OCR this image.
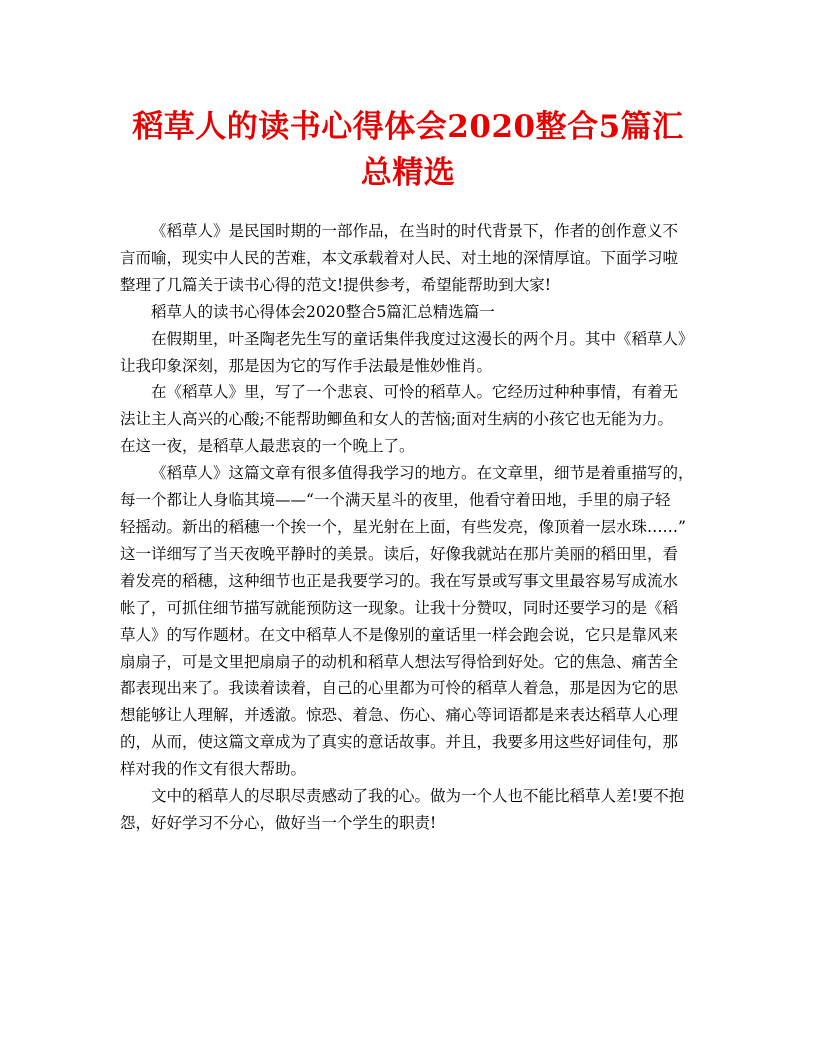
稻草人的读书心得体会2020整合5篇汇
总精选

《稻草人》是民国时期的一部作品，在当时的时代背景下，作者的创作意义不
言而喻，现实中人民的苦难，本文承载着对人民、对土地的深情厚谊。下面学习啦
整理了几篇关于读书心得的范文!提供参考，希望能帮助到大家!

稻草人的读书心得体会2020整合5篇汇总精选篇一

在假期里，叶圣陶老先生写的童话集伴我度过这漫长的两个月。其中《稻草人》
让我印象深刻，那是因为它的写作手法最是惟妙惟肖。

在《稻草人》里，写了一个悲哀、可怜的稻草人。它经历过种种事情，有着无
法让主人高兴的心酸;不能帮助鲫鱼和女人的苦恼;面对生病的小孩它也无能为力。
在这一夜，是稻草人最悲哀的一个晚上了。

《稻草人》这篇文章有很多值得我学习的地方。在文章里，细节是着重描写的，
每一个都让人身临其境——“一个满天星斗的夜里，他看守着田地，手里的扇子轻
轻摇动。新出的稻穗一个挨一个，星光射在上面，有些发亮，像顶着一层水珠……”
这一详细写了当天夜晚平静时的美景。读后，好像我就站在那片美丽的稻田里，看
着发亮的稻穗，这种细节也正是我要学习的。我在写景或写事文里最容易写成流水
帐了，可抓住细节描写就能预防这一现象。让我十分赞叹，同时还要学习的是《稻
草人》的写作题材。在文中稻草人不是像别的童话里一样会跑会说，它只是靠风来
扇扇子，可是文里把扇扇子的动机和稻草人想法写得恰到好处。它的焦急、痛苦全
都表现出来了。我读着读着，自己的心里都为可怜的稻草人着急，那是因为它的思
想能够让人理解，并透澈。惊恐、着急、伤心、痛心等词语都是来表达稻草人心理
的，从而，使这篇文章成为了真实的意话故事。并且，我要多用这些好词佳句，那
样对我的作文有很大帮助。

文中的稻草人的尽职尽责感动了我的心。做为一个人也不能比稻草人差!要不抱
怨，好好学习不分心，做好当一个学生的职责!
